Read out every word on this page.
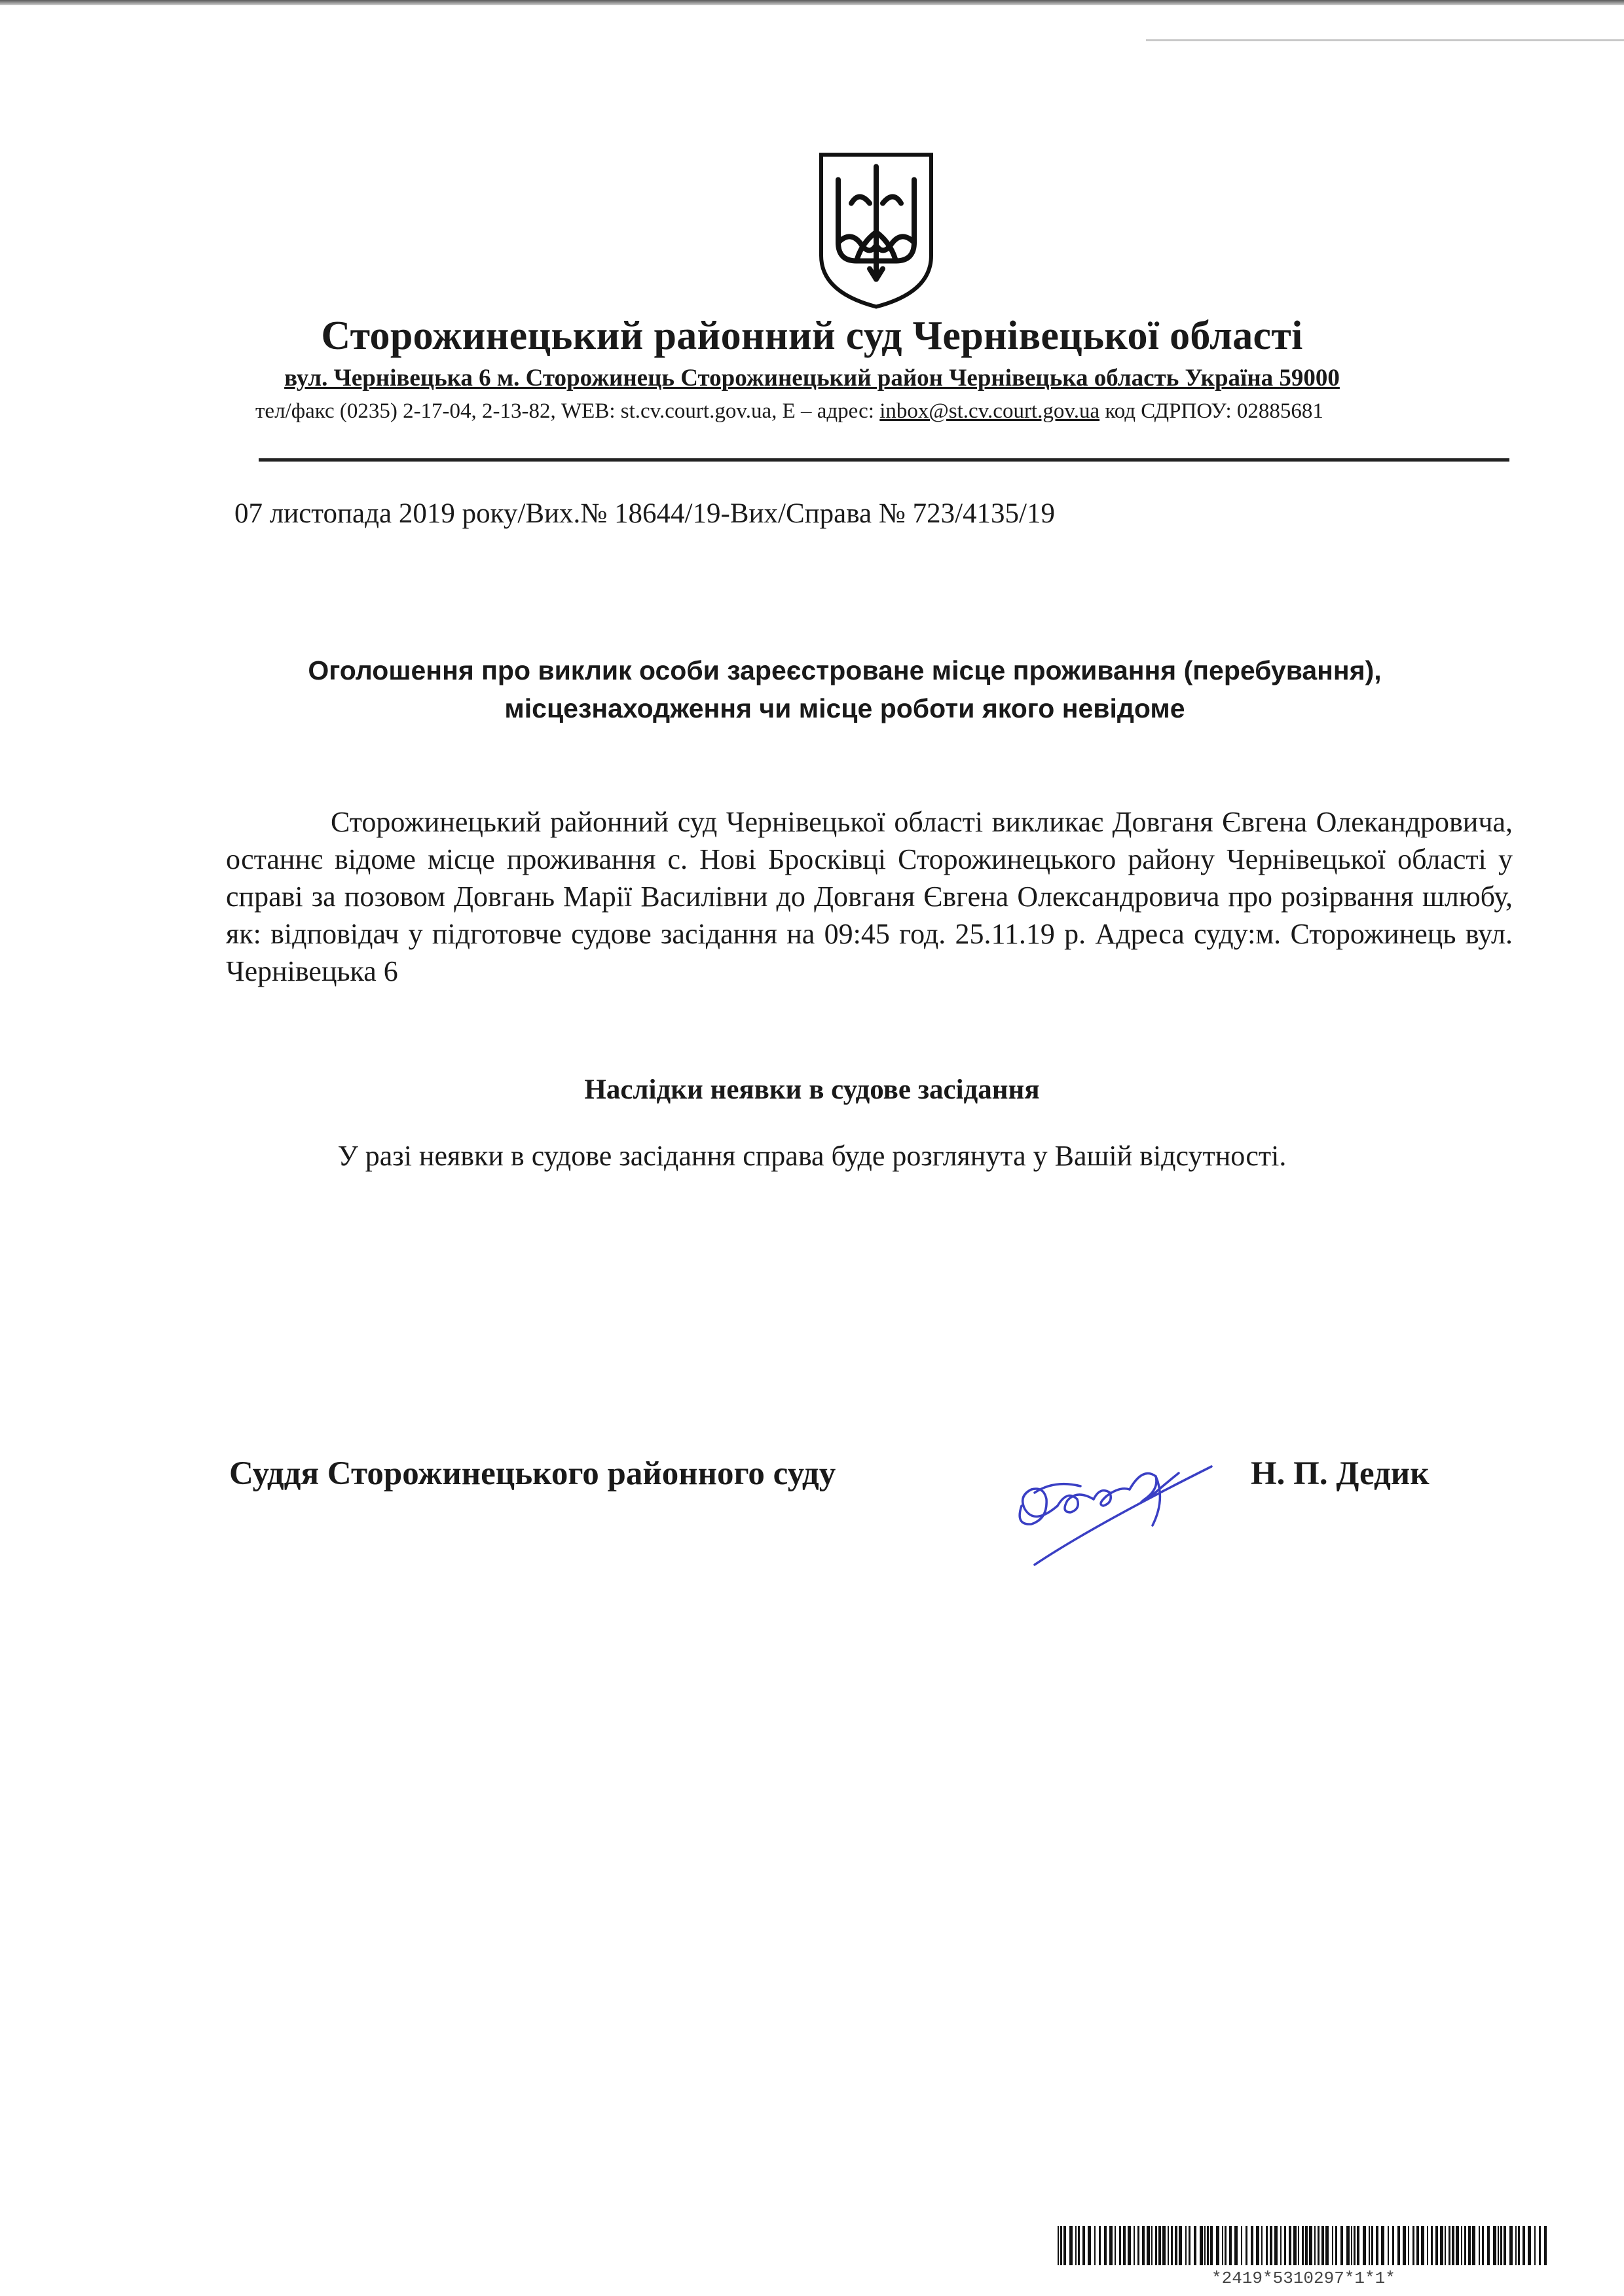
Сторожинецький районний суд Чернівецької області
вул. Чернівецька 6 м. Сторожинець Сторожинецький район Чернівецька область Україна 59000
тел/факс (0235) 2-17-04, 2-13-82, WEB: st.cv.court.gov.ua, Е – адрес: inbox@st.cv.court.gov.ua код СДРПОУ: 02885681
07 листопада 2019 року/Вих.№ 18644/19-Вих/Справа № 723/4135/19
Оголошення про виклик особи зареєстроване місце проживання (перебування),
місцезнаходження чи місце роботи якого невідоме

Сторожинецький районний суд Чернівецької області викликає Довганя Євгена Олекандровича, останнє відоме місце проживання с. Нові Бросківці Сторожинецького району Чернівецької області у справі за позовом Довгань Марії Василівни до Довганя Євгена Олександровича про розірвання шлюбу, як: відповідач у підготовче судове засідання на 09:45 год. 25.11.19 р. Адреса суду:м. Сторожинець вул. Чернівецька 6

Наслідки неявки в судове засідання
У разі неявки в судове засідання справа буде розглянута у Вашій відсутності.
Суддя Сторожинецького районного суду	Н. П. Дедик
*2419*5310297*1*1*
